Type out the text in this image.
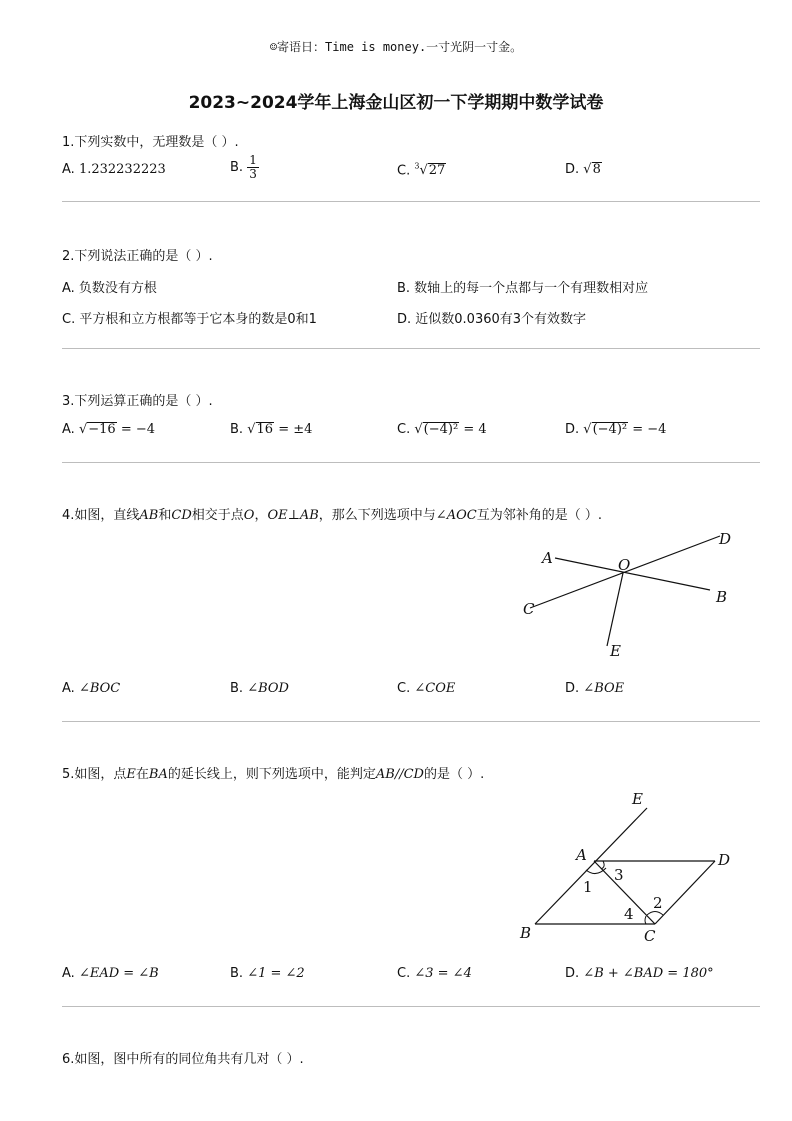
☺寄语日：Time is money.一寸光阴一寸金。
2023~2024学年上海金山区初一下学期期中数学试卷
1.下列实数中，无理数是（ ）.
A. 1.232232223	B. $\frac{1}{3}$	C. $^3$√27	D. √8
2.下列说法正确的是（ ）.
A. 负数没有方根	B. 数轴上的每一个点都与一个有理数相对应
C. 平方根和立方根都等于它本身的数是0和1	D. 近似数0.0360有3个有效数字
3.下列运算正确的是（ ）.
A. √−16 = −4	B. √16 = ±4	C. √(−4)² = 4	D. √(−4)² = −4
4.如图，直线AB和CD相交于点O，OE⊥AB，那么下列选项中与∠AOC互为邻补角的是（ ）.
A	O
D
C
B
E
A. ∠BOC	B. ∠BOD	C. ∠COE	D. ∠BOE
5.如图，点E在BA的延长线上，则下列选项中，能判定AB//CD的是（ ）.
E
A	D
B	C
1
2
3
4
A. ∠EAD = ∠B	B. ∠1 = ∠2	C. ∠3 = ∠4	D. ∠B + ∠BAD = 180°
6.如图，图中所有的同位角共有几对（ ）.
